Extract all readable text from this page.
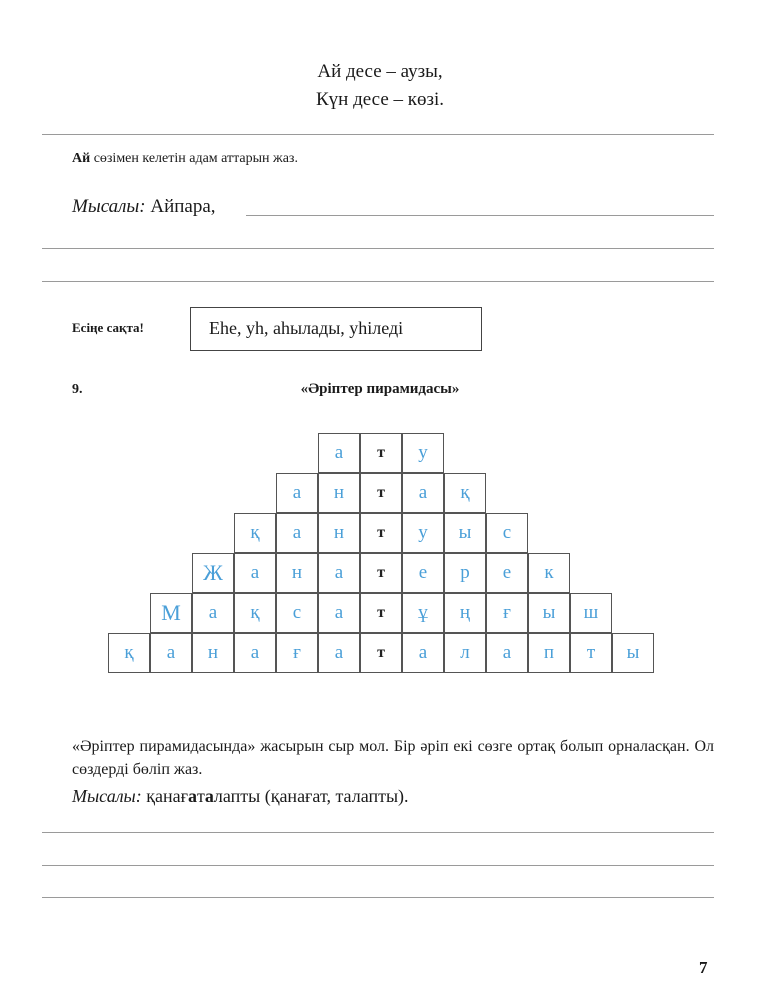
Ай десе – аузы,
Күн десе – көзі.
Ай сөзімен келетін адам аттарын жаз.
Мысалы: Айпара,
Есіңе сақта!	Ehe, yh, аһылады, уһiледi
9.	«Әріптер пирамидасы»
а	т	у
а	н	т	а	қ
қ	а	н	т	у	ы	с
Ж	а	н	а	т	е	р	е	к
М	а	қ	с	а	т	ұ	ң	ғ	ы	ш
қ	а	н	а	ғ	а	т	а	л	а	п	т	ы
«Әріптер пирамидасында» жасырын сыр мол. Бір әріп екі сөзге ортақ болып орналасқан. Ол сөздерді бөліп жаз.
Мысалы: қанағаталапты (қанағат, талапты).
7
